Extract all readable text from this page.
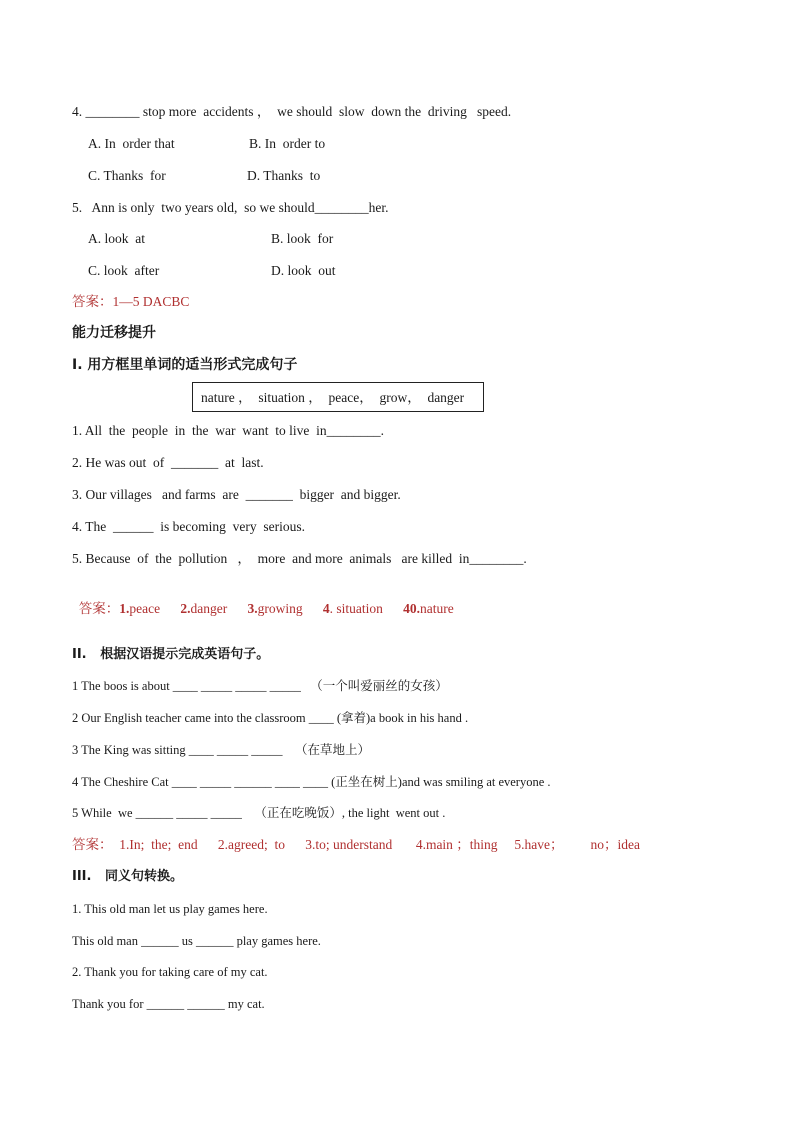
4. ________ stop more  accidents ，  we should  slow  down the  driving   speed.
A. In  order that	B. In  order to
C. Thanks  for	D. Thanks  to
5.   Ann is only  two years old,  so we should________her.
A. look  at	B. look  for
C. look  after	D. look  out
答案：1—5 DACBC
能力迁移提升
I. 用方框里单词的适当形式完成句子
nature ，  situation ，  peace，  grow，  danger
1. All  the  people  in  the  war  want  to live  in________.
2. He was out  of  _______  at  last.
3. Our villages   and farms  are  _______  bigger  and bigger.
4. The  ______  is becoming  very  serious.
5. Because  of  the  pollution   ，  more  and more  animals   are killed  in________.

答案：1.peace 2.danger 3.growing 4. situation 40.nature

II.   根据汉语提示完成英语句子。
1 The boos is about ____ _____ _____ _____   （一个叫爱丽丝的女孩）
2 Our English teacher came into the classroom ____ (拿着)a book in his hand .
3 The King was sitting ____ _____ _____    （在草地上）
4 The Cheshire Cat ____ _____ ______ ____ ____ (正坐在树上)and was smiling at everyone .
5 While  we ______ _____ _____    （正在吃晚饭）, the light  went out .
答案：  1.In;  the;  end      2.agreed;  to      3.to; understand       4.main ；thing     5.have；        no；idea
III.   同义句转换。
1. This old man let us play games here.
This old man ______ us ______ play games here.
2. Thank you for taking care of my cat.
Thank you for ______ ______ my cat.
